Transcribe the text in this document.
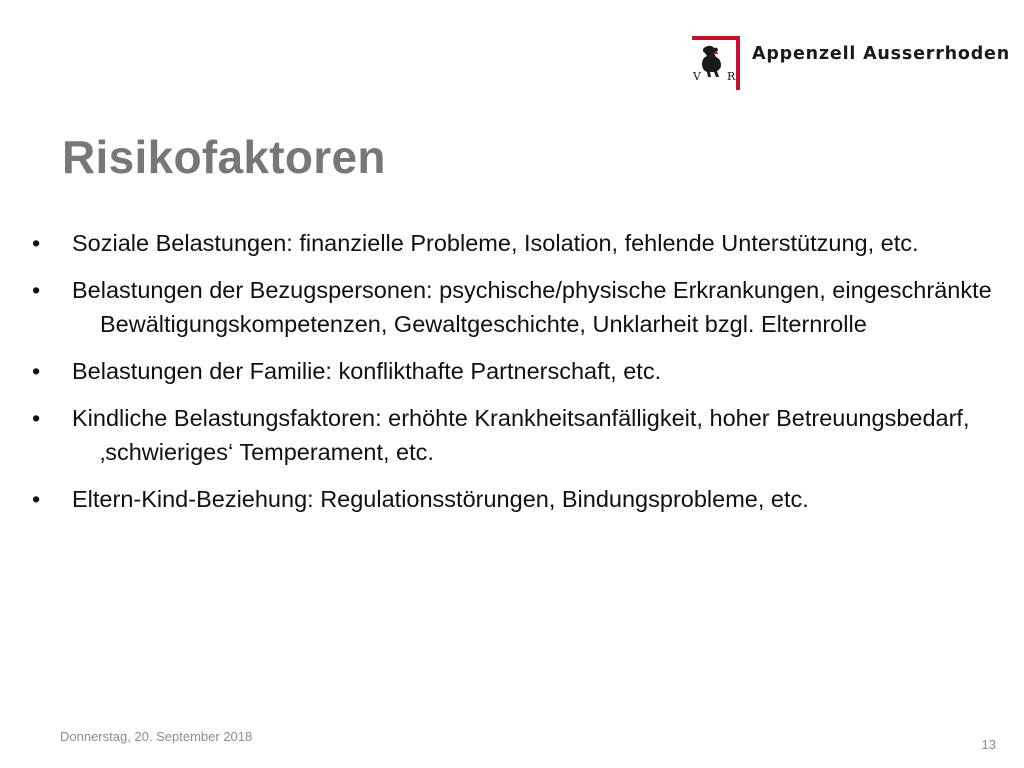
V R
Appenzell Ausserrhoden
Risikofaktoren
• Soziale Belastungen: finanzielle Probleme, Isolation, fehlende Unterstützung, etc.
• Belastungen der Bezugspersonen: psychische/physische Erkrankungen, eingeschränkte Bewältigungskompetenzen, Gewaltgeschichte, Unklarheit bzgl. Elternrolle
• Belastungen der Familie: konflikthafte Partnerschaft, etc.
• Kindliche Belastungsfaktoren: erhöhte Krankheitsanfälligkeit, hoher Betreuungsbedarf, ‚schwieriges‘ Temperament, etc.
• Eltern-Kind-Beziehung: Regulationsstörungen, Bindungsprobleme, etc.
Donnerstag, 20. September 2018
13
